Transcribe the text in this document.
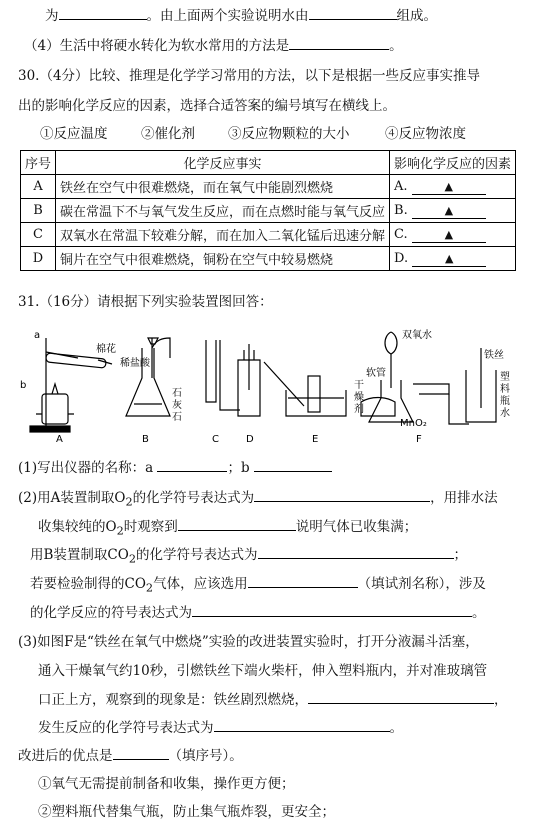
为	。由上面两个实验说明水由	组成。
（4）生活中将硬水转化为软水常用的方法是	。
30.（4分）比较、推理是化学学习常用的方法，以下是根据一些反应事实推导
出的影响化学反应的因素，选择合适答案的编号填写在横线上。
①反应温度 ②催化剂 ③反应物颗粒的大小	④反应物浓度
序号	化学反应事实	影响化学反应的因素
A	铁丝在空气中很难燃烧，而在氧气中能剧烈燃烧	A. ▲
B	碳在常温下不与氧气发生反应，而在点燃时能与氧气反应	B. ▲
C	双氧水在常温下较难分解，而在加入二氧化锰后迅速分解	C. ▲
D	铜片在空气中很难燃烧，铜粉在空气中较易燃烧	D. ▲
31.（16分）请根据下列实验装置图回答：
a
b
棉花
稀盐酸
石
灰
石
A	B	C	D	E	F
双氧水
软管
干
燥
剂
MnO₂
铁丝
塑
料
瓶
水
(1)写出仪器的名称：a	；b
(2)用A装置制取$O_2$的化学符号表达式为	，用排水法
收集较纯的$O_2$时观察到	说明气体已收集满；
用B装置制取$CO_2$的化学符号表达式为	；
若要检验制得的$CO_2$气体，应该选用	（填试剂名称），涉及
的化学反应的符号表达式为	。
(3)如图F是“铁丝在氧气中燃烧”实验的改进装置实验时，打开分液漏斗活塞，
通入干燥氧气约10秒，引燃铁丝下端火柴杆，伸入塑料瓶内，并对准玻璃管
口正上方，观察到的现象是：铁丝剧烈燃烧，	，
发生反应的化学符号表达式为	。
改进后的优点是	（填序号）。
①氧气无需提前制备和收集，操作更方便；
②塑料瓶代替集气瓶，防止集气瓶炸裂，更安全；
